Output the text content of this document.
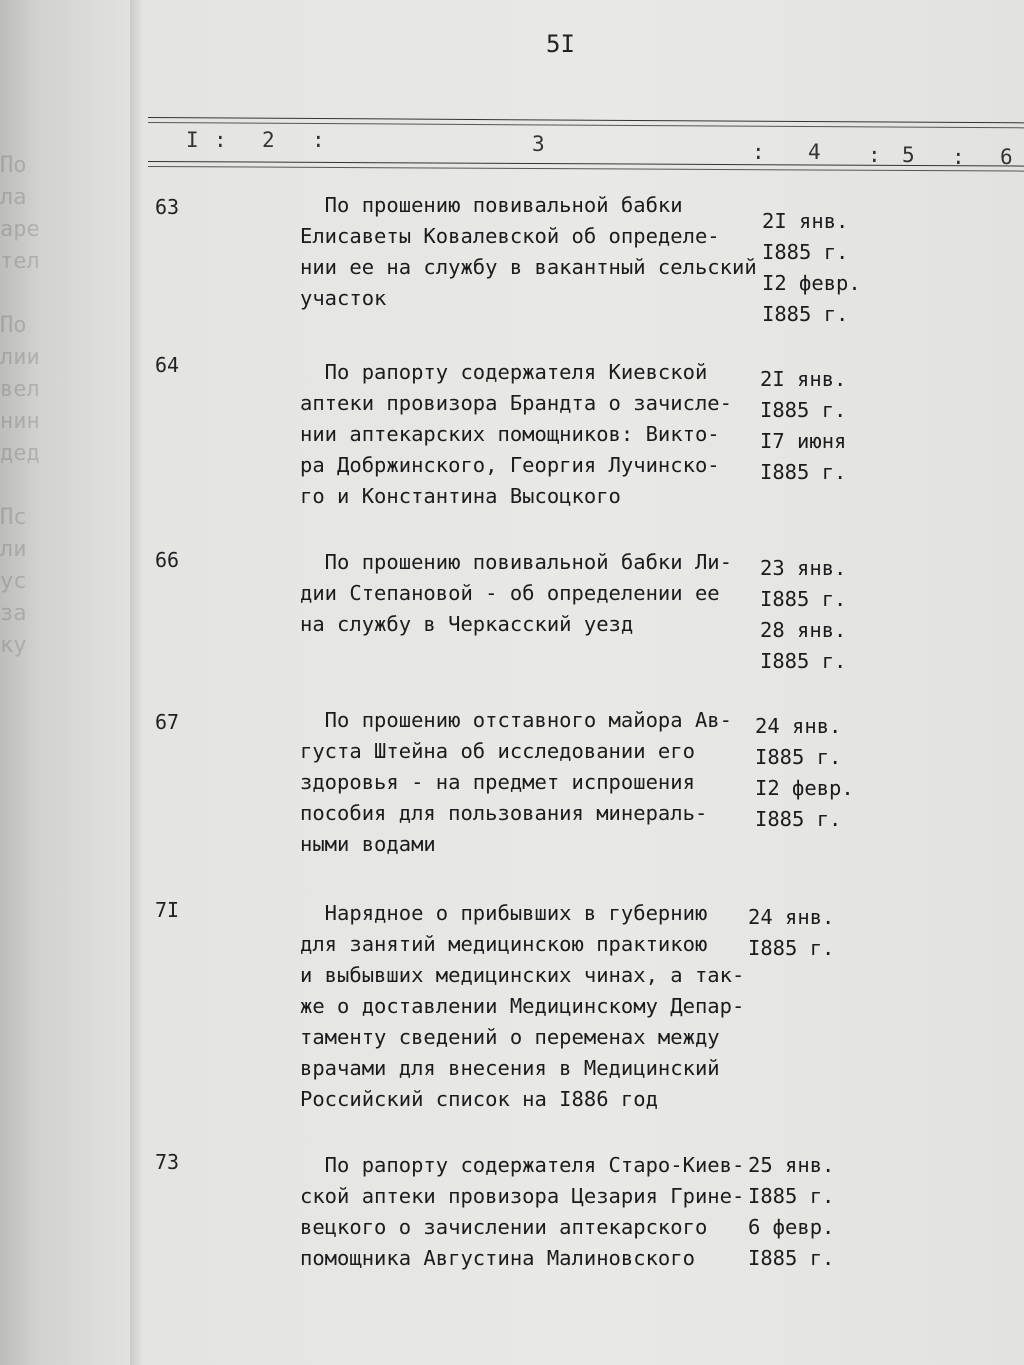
По
ла
аре
тел

По
лии
вел
нин
дед

Пс
ли
ус
за
ку
5I
I : 2 :	3	: 4 : 5 : 6
63	По прошению повивальной бабки
Елисаветы Ковалевской об определе-
нии ее на службу в вакантный сельский
участок
2I янв.
I885 г.
I2 февр.
I885 г.
64	По рапорту содержателя Киевской
аптеки провизора Брандта о зачисле-
нии аптекарских помощников: Викто-
ра Добржинского, Георгия Лучинско-
го и Константина Высоцкого
2I янв.
I885 г.
I7 июня
I885 г.
66	По прошению повивальной бабки Ли-
дии Степановой - об определении ее
на службу в Черкасский уезд
23 янв.
I885 г.
28 янв.
I885 г.
67	По прошению отставного майора Ав-
густа Штейна об исследовании его
здоровья - на предмет испрошения
пособия для пользования минераль-
ными водами
24 янв.
I885 г.
I2 февр.
I885 г.
7I	Нарядное о прибывших в губернию
для занятий медицинскою практикою
и выбывших медицинских чинах, а так-
же о доставлении Медицинскому Депар-
таменту сведений о переменах между
врачами для внесения в Медицинский
Российский список на I886 год
24 янв.
I885 г.
73	По рапорту содержателя Старо-Киев-
ской аптеки провизора Цезария Грине-
вецкого о зачислении аптекарского
помощника Августина Малиновского
25 янв.
I885 г.
6 февр.
I885 г.
